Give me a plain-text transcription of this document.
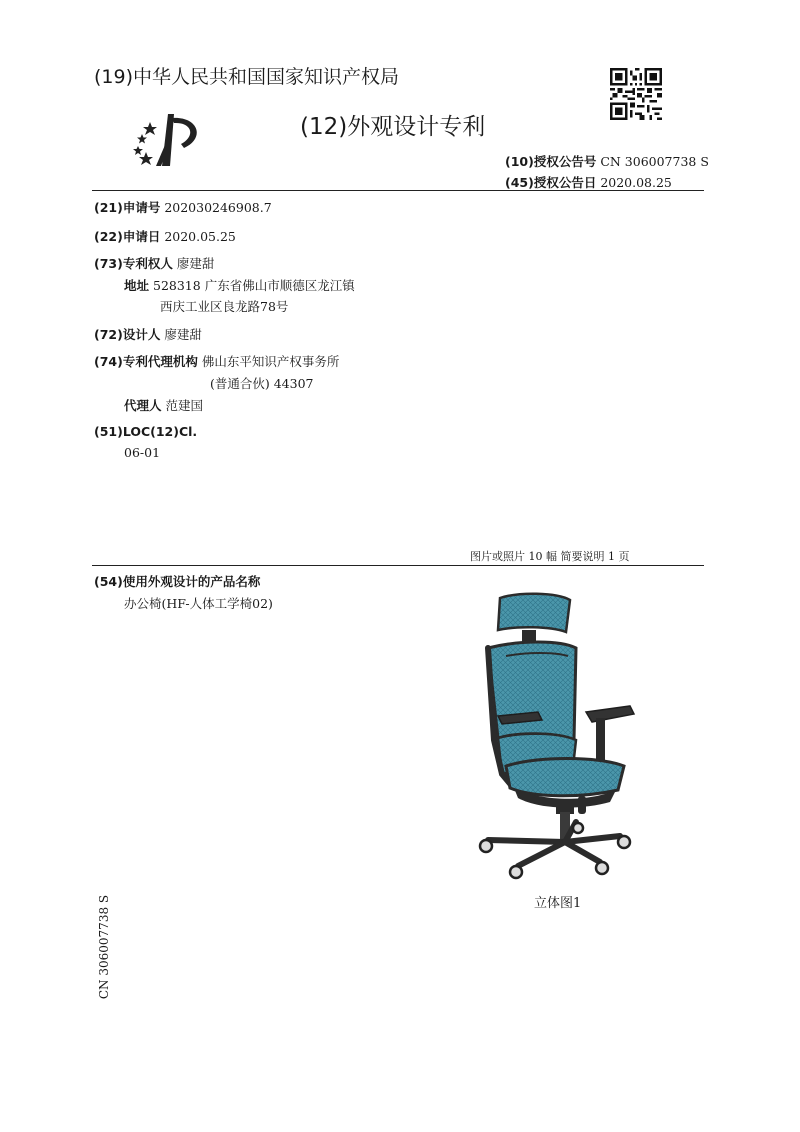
(19)中华人民共和国国家知识产权局
(12)外观设计专利
(10)授权公告号 CN 306007738 S
(45)授权公告日 2020.08.25
(21)申请号 202030246908.7
(22)申请日 2020.05.25
(73)专利权人 廖建甜
地址 528318 广东省佛山市顺德区龙江镇
西庆工业区良龙路78号
(72)设计人 廖建甜
(74)专利代理机构 佛山东平知识产权事务所
(普通合伙) 44307
代理人 范建国
(51)LOC(12)Cl.
06-01
图片或照片 10 幅 简要说明 1 页
(54)使用外观设计的产品名称
办公椅(HF-人体工学椅02)
立体图1
CN 306007738 S
